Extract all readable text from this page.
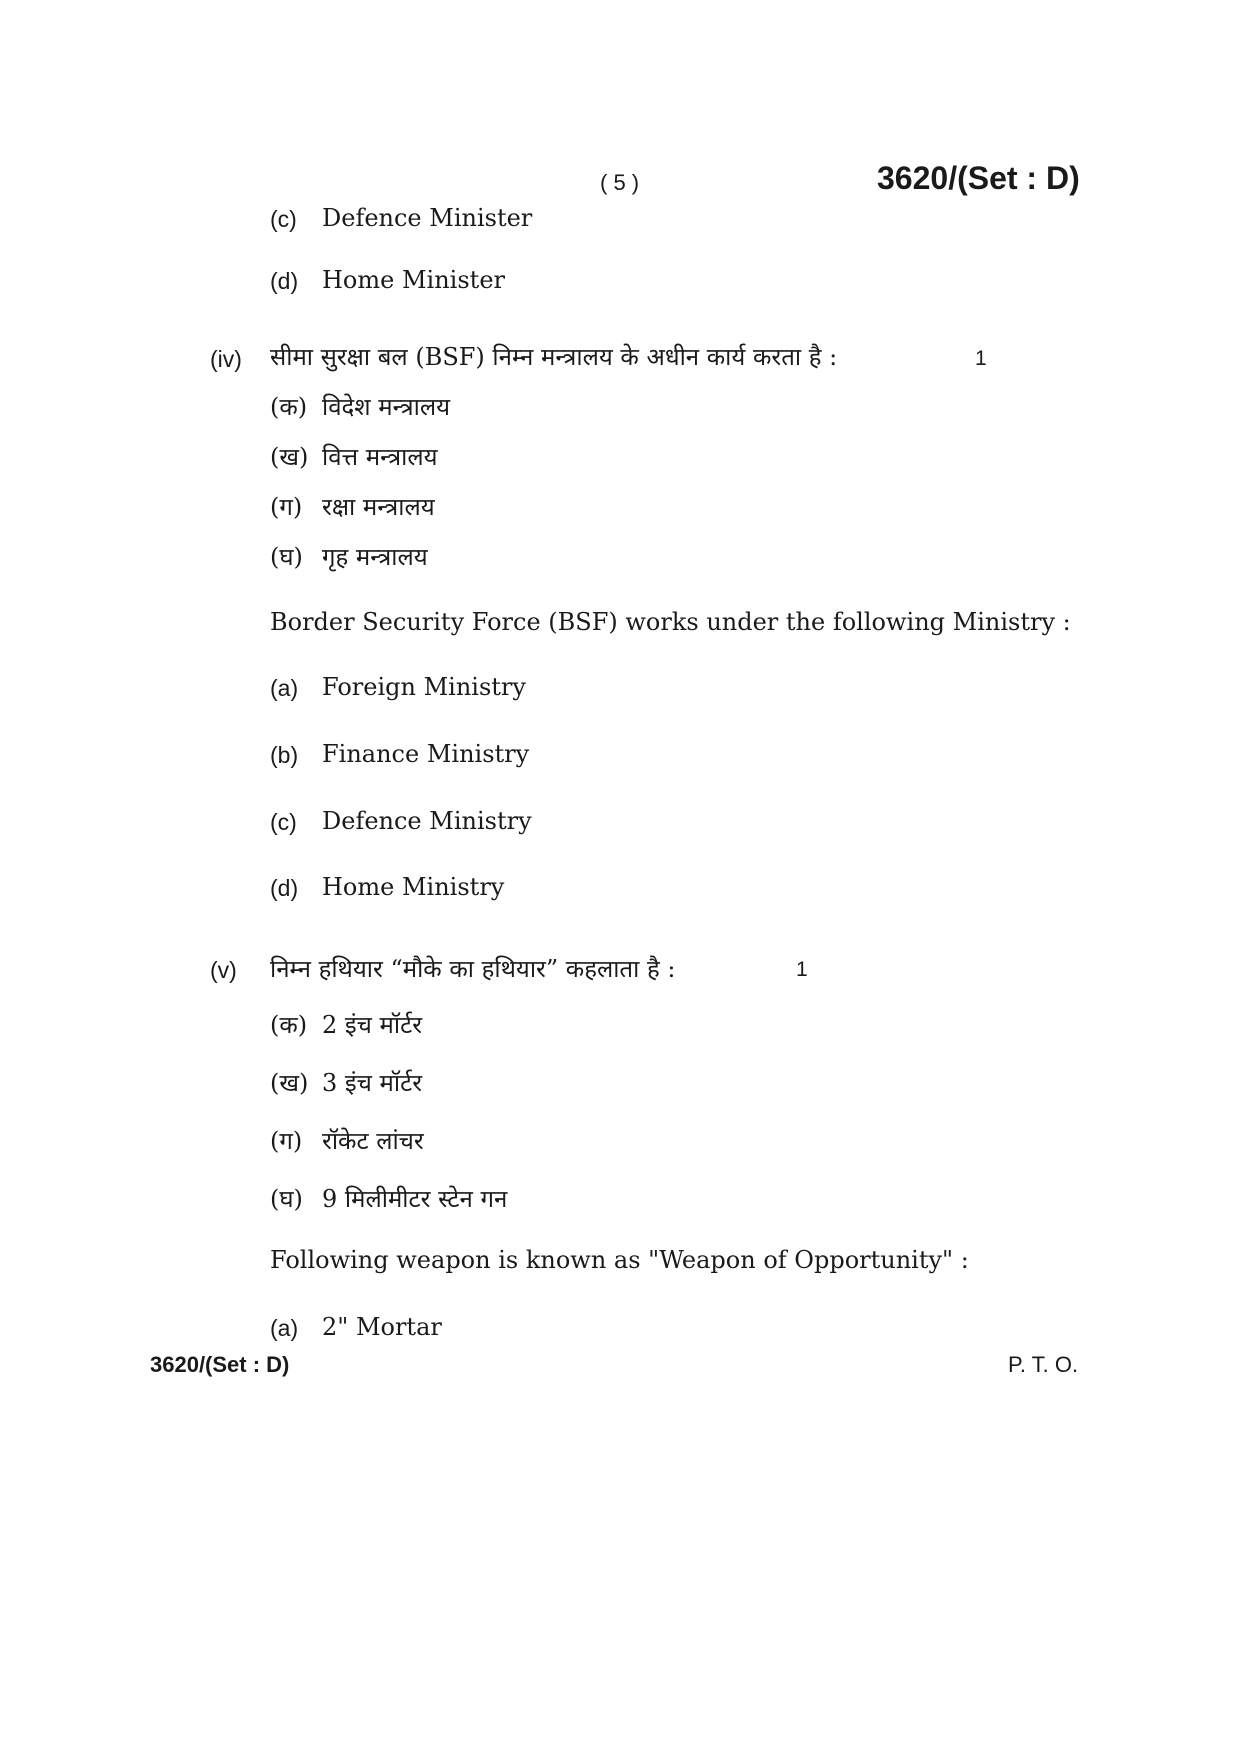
( 5 )	3620/(Set : D)
(c) Defence Minister
(d) Home Minister
(iv) सीमा सुरक्षा बल (BSF) निम्न मन्त्रालय के अधीन कार्य करता है :	1
(क) विदेश मन्त्रालय
(ख) वित्त मन्त्रालय
(ग) रक्षा मन्त्रालय
(घ) गृह मन्त्रालय
Border Security Force (BSF) works under the following Ministry :
(a) Foreign Ministry
(b) Finance Ministry
(c) Defence Ministry
(d) Home Ministry
(v) निम्न हथियार “मौके का हथियार” कहलाता है :	1
(क) 2 इंच मॉर्टर
(ख) 3 इंच मॉर्टर
(ग) रॉकेट लांचर
(घ) 9 मिलीमीटर स्टेन गन
Following weapon is known as "Weapon of Opportunity" :
(a) 2" Mortar
3620/(Set : D)	P. T. O.
